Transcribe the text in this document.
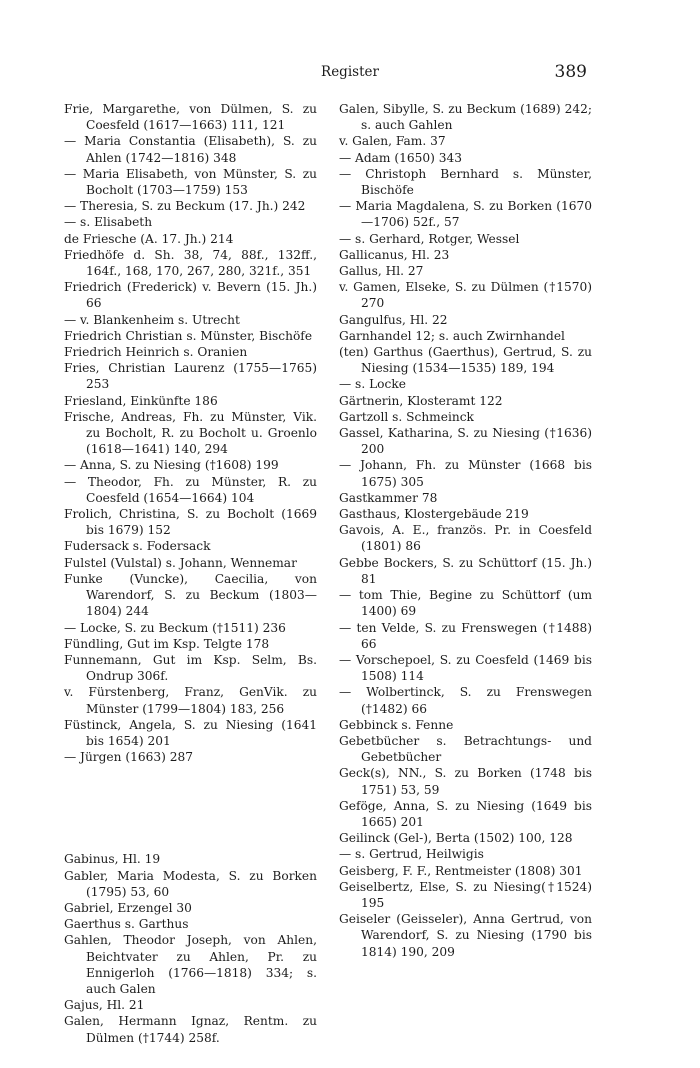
Register	389

Frie, Margarethe, von Dülmen, S. zu Coesfeld (1617—1663) 111, 121

— Maria Constantia (Elisabeth), S. zu Ahlen (1742—1816) 348

— Maria Elisabeth, von Münster, S. zu Bocholt (1703—1759) 153

— Theresia, S. zu Beckum (17. Jh.) 242

— s. Elisabeth

de Friesche (A. 17. Jh.) 214

Friedhöfe d. Sh. 38, 74, 88f., 132ff., 164f., 168, 170, 267, 280, 321f., 351

Friedrich (Frederick) v. Bevern (15. Jh.) 66

— v. Blankenheim s. Utrecht

Friedrich Christian s. Münster, Bischöfe

Friedrich Heinrich s. Oranien

Fries, Christian Laurenz (1755—1765) 253

Friesland, Einkünfte 186

Frische, Andreas, Fh. zu Münster, Vik. zu Bocholt, R. zu Bocholt u. Groenlo (1618—1641) 140, 294

— Anna, S. zu Niesing (†1608) 199

— Theodor, Fh. zu Münster, R. zu Coesfeld (1654—1664) 104

Frolich, Christina, S. zu Bocholt (1669 bis 1679) 152

Fudersack s. Fodersack

Fulstel (Vulstal) s. Johann, Wennemar

Funke (Vuncke), Caecilia, von Warendorf, S. zu Beckum (1803—1804) 244

— Locke, S. zu Beckum (†1511) 236

Fündling, Gut im Ksp. Telgte 178

Funnemann, Gut im Ksp. Selm, Bs. Ondrup 306f.

v. Fürstenberg, Franz, GenVik. zu Münster (1799—1804) 183, 256

Füstinck, Angela, S. zu Niesing (1641 bis 1654) 201

— Jürgen (1663) 287

Gabinus, Hl. 19

Gabler, Maria Modesta, S. zu Borken (1795) 53, 60

Gabriel, Erzengel 30

Gaerthus s. Garthus

Gahlen, Theodor Joseph, von Ahlen, Beichtvater zu Ahlen, Pr. zu Ennigerloh (1766—1818) 334; s. auch Galen

Gajus, Hl. 21

Galen, Hermann Ignaz, Rentm. zu Dülmen (†1744) 258f.

Galen, Sibylle, S. zu Beckum (1689) 242; s. auch Gahlen

v. Galen, Fam. 37

— Adam (1650) 343

— Christoph Bernhard s. Münster, Bischöfe

— Maria Magdalena, S. zu Borken (1670—1706) 52f., 57

— s. Gerhard, Rotger, Wessel

Gallicanus, Hl. 23

Gallus, Hl. 27

v. Gamen, Elseke, S. zu Dülmen (†1570) 270

Gangulfus, Hl. 22

Garnhandel 12; s. auch Zwirnhandel

(ten) Garthus (Gaerthus), Gertrud, S. zu Niesing (1534—1535) 189, 194

— s. Locke

Gärtnerin, Klosteramt 122

Gartzoll s. Schmeinck

Gassel, Katharina, S. zu Niesing (†1636) 200

— Johann, Fh. zu Münster (1668 bis 1675) 305

Gastkammer 78

Gasthaus, Klostergebäude 219

Gavois, A. E., französ. Pr. in Coesfeld (1801) 86

Gebbe Bockers, S. zu Schüttorf (15. Jh.) 81

— tom Thie, Begine zu Schüttorf (um 1400) 69

— ten Velde, S. zu Frenswegen (†1488) 66

— Vorschepoel, S. zu Coesfeld (1469 bis 1508) 114

— Wolbertinck, S. zu Frenswegen (†1482) 66

Gebbinck s. Fenne

Gebetbücher s. Betrachtungs- und Gebetbücher

Geck(s), NN., S. zu Borken (1748 bis 1751) 53, 59

Geföge, Anna, S. zu Niesing (1649 bis 1665) 201

Geilinck (Gel-), Berta (1502) 100, 128

— s. Gertrud, Heilwigis

Geisberg, F. F., Rentmeister (1808) 301

Geiselbertz, Else, S. zu Niesing(†1524) 195

Geiseler (Geisseler), Anna Gertrud, von Warendorf, S. zu Niesing (1790 bis 1814) 190, 209
